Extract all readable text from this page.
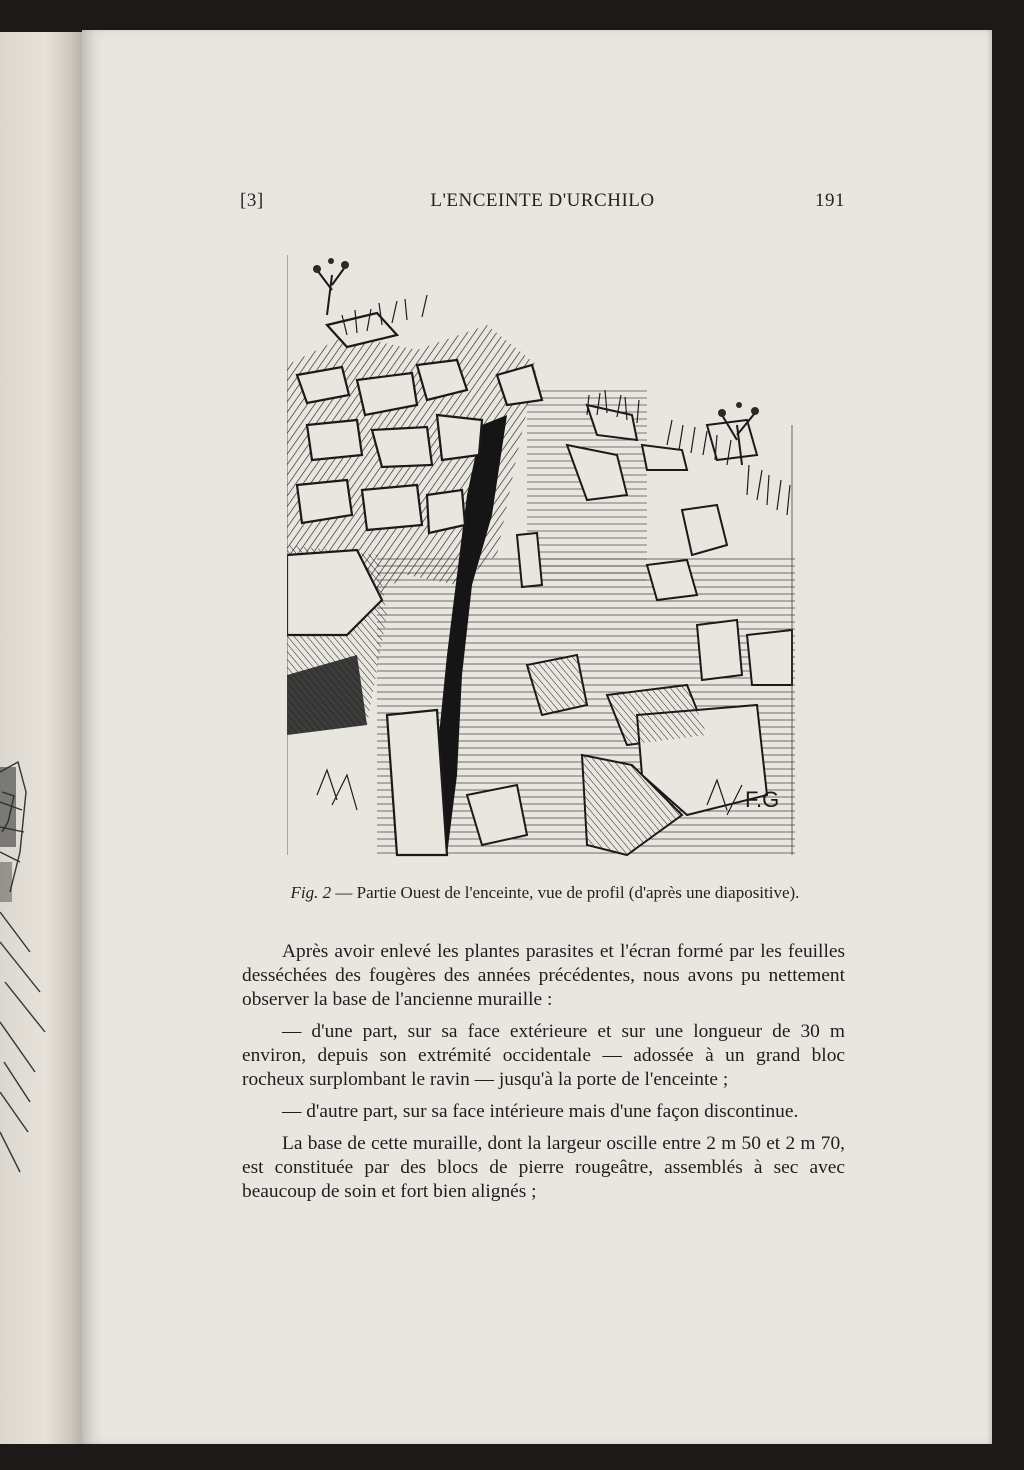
[3]	L'ENCEINTE D'URCHILO	191
F.G
Fig. 2 — Partie Ouest de l'enceinte, vue de profil (d'après une diapositive).

Après avoir enlevé les plantes parasites et l'écran formé par les feuilles desséchées des fougères des années précédentes, nous avons pu nettement observer la base de l'ancienne muraille :

— d'une part, sur sa face extérieure et sur une longueur de 30 m environ, depuis son extrémité occidentale — adossée à un grand bloc rocheux surplombant le ravin — jusqu'à la porte de l'enceinte ;

— d'autre part, sur sa face intérieure mais d'une façon discontinue.

La base de cette muraille, dont la largeur oscille entre 2 m 50 et 2 m 70, est constituée par des blocs de pierre rougeâtre, assemblés à sec avec beaucoup de soin et fort bien alignés ;
